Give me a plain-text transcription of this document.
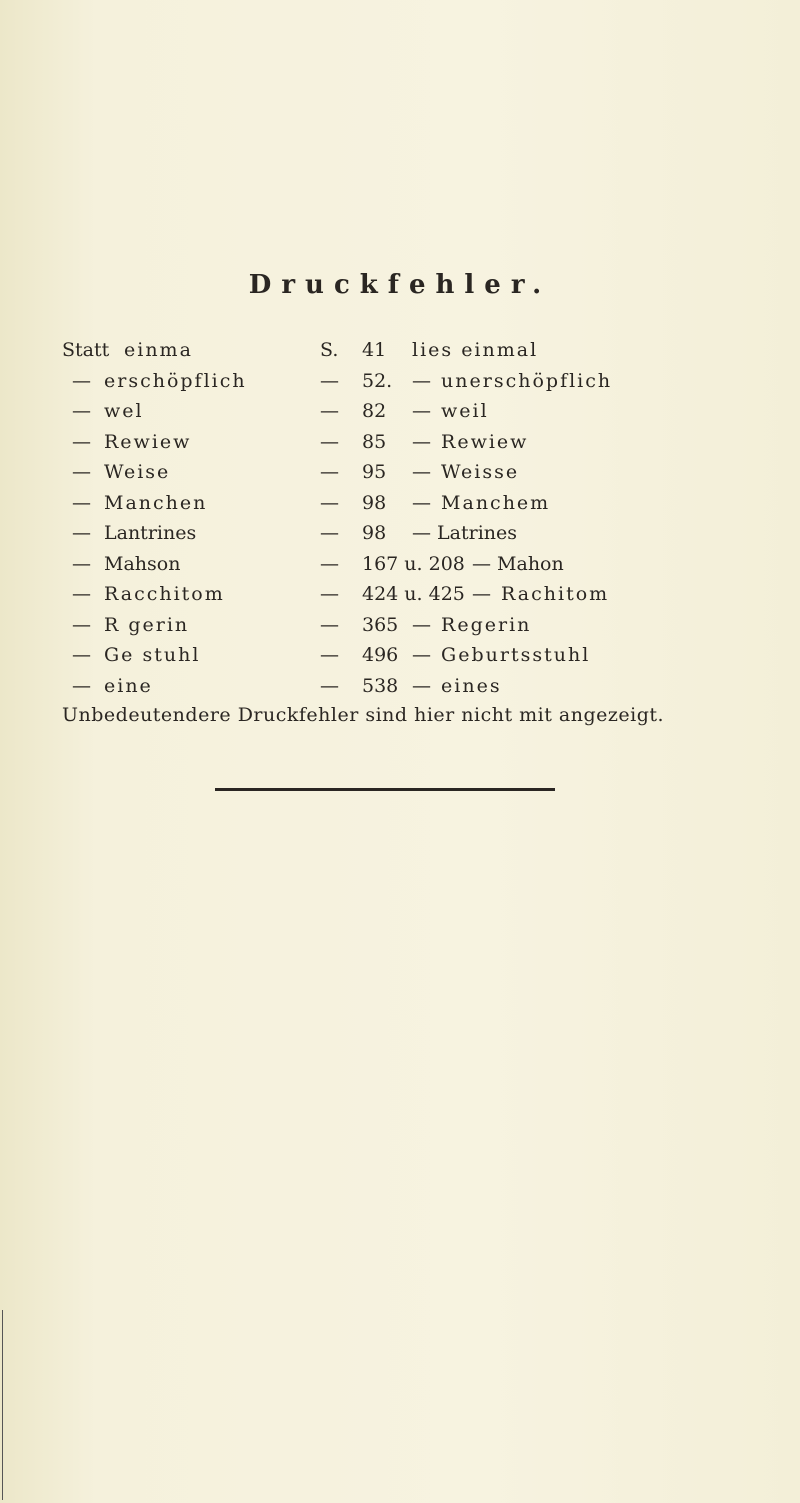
Druckfehler.
Statt einma	S. 41 lies einmal
— erschöpflich	— 52. — unerschöpflich
— wel	— 82 — weil
— Rewiew	— 85 — Rewiew
— Weise	— 95 — Weisse
— Manchen	— 98 — Manchem
— Lantrines	— 98 — Latrines
— Mahson	— 167 u. 208 — Mahon
— Racchitom	— 424 u. 425 — Rachitom
— R gerin	— 365 — Regerin
— Ge stuhl	— 496 — Geburtsstuhl
— eine	— 538 — eines
Unbedeutendere Druckfehler sind hier nicht mit angezeigt.
